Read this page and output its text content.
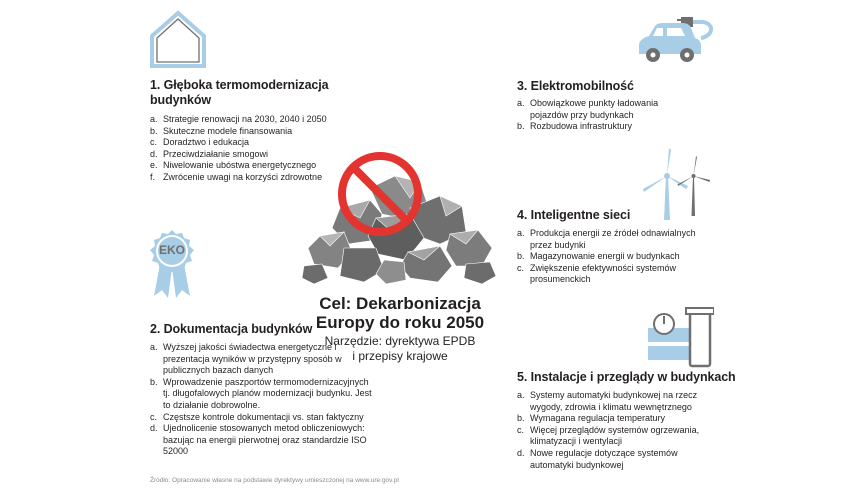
EKO
1. Głęboka termomodernizacja budynków
a. Strategie renowacji na 2030, 2040 i 2050
b. Skuteczne modele finansowania
c. Doradztwo i edukacja
d. Przeciwdziałanie smogowi
e. Niwelowanie ubóstwa energetycznego
f. Zwrócenie uwagi na korzyści zdrowotne
2. Dokumentacja budynków
a. Wyższej jakości świadectwa energetyczne i prezentacja wyników w przystępny sposób w publicznych bazach danych
b. Wprowadzenie paszportów termomodernizacyjnych tj. długofalowych planów modernizacji budynku. Jest to działanie dobrowolne.
c. Częstsze kontrole dokumentacji vs. stan faktyczny
d. Ujednolicenie stosowanych metod obliczeniowych: bazując na energii pierwotnej oraz standardzie ISO 52000
3. Elektromobilność
a. Obowiązkowe punkty ładowania pojazdów przy budynkach
b. Rozbudowa infrastruktury
4. Inteligentne sieci
a. Produkcja energii ze źródeł odnawialnych przez budynki
b. Magazynowanie energii w budynkach
c. Zwiększenie efektywności systemów prosumenckich
5. Instalacje i przeglądy w budynkach
a. Systemy automatyki budynkowej na rzecz wygody, zdrowia i klimatu wewnętrznego
b. Wymagana regulacja temperatury
c. Więcej przeglądów systemów ogrzewania, klimatyzacji i wentylacji
d. Nowe regulacje dotyczące systemów automatyki budynkowej
Cel: Dekarbonizacja
Europy do roku 2050
Narzędzie: dyrektywa EPDB
i przepisy krajowe
Źródło: Opracowanie własne na podstawie dyrektywy umieszczonej na www.ure.gov.pl
